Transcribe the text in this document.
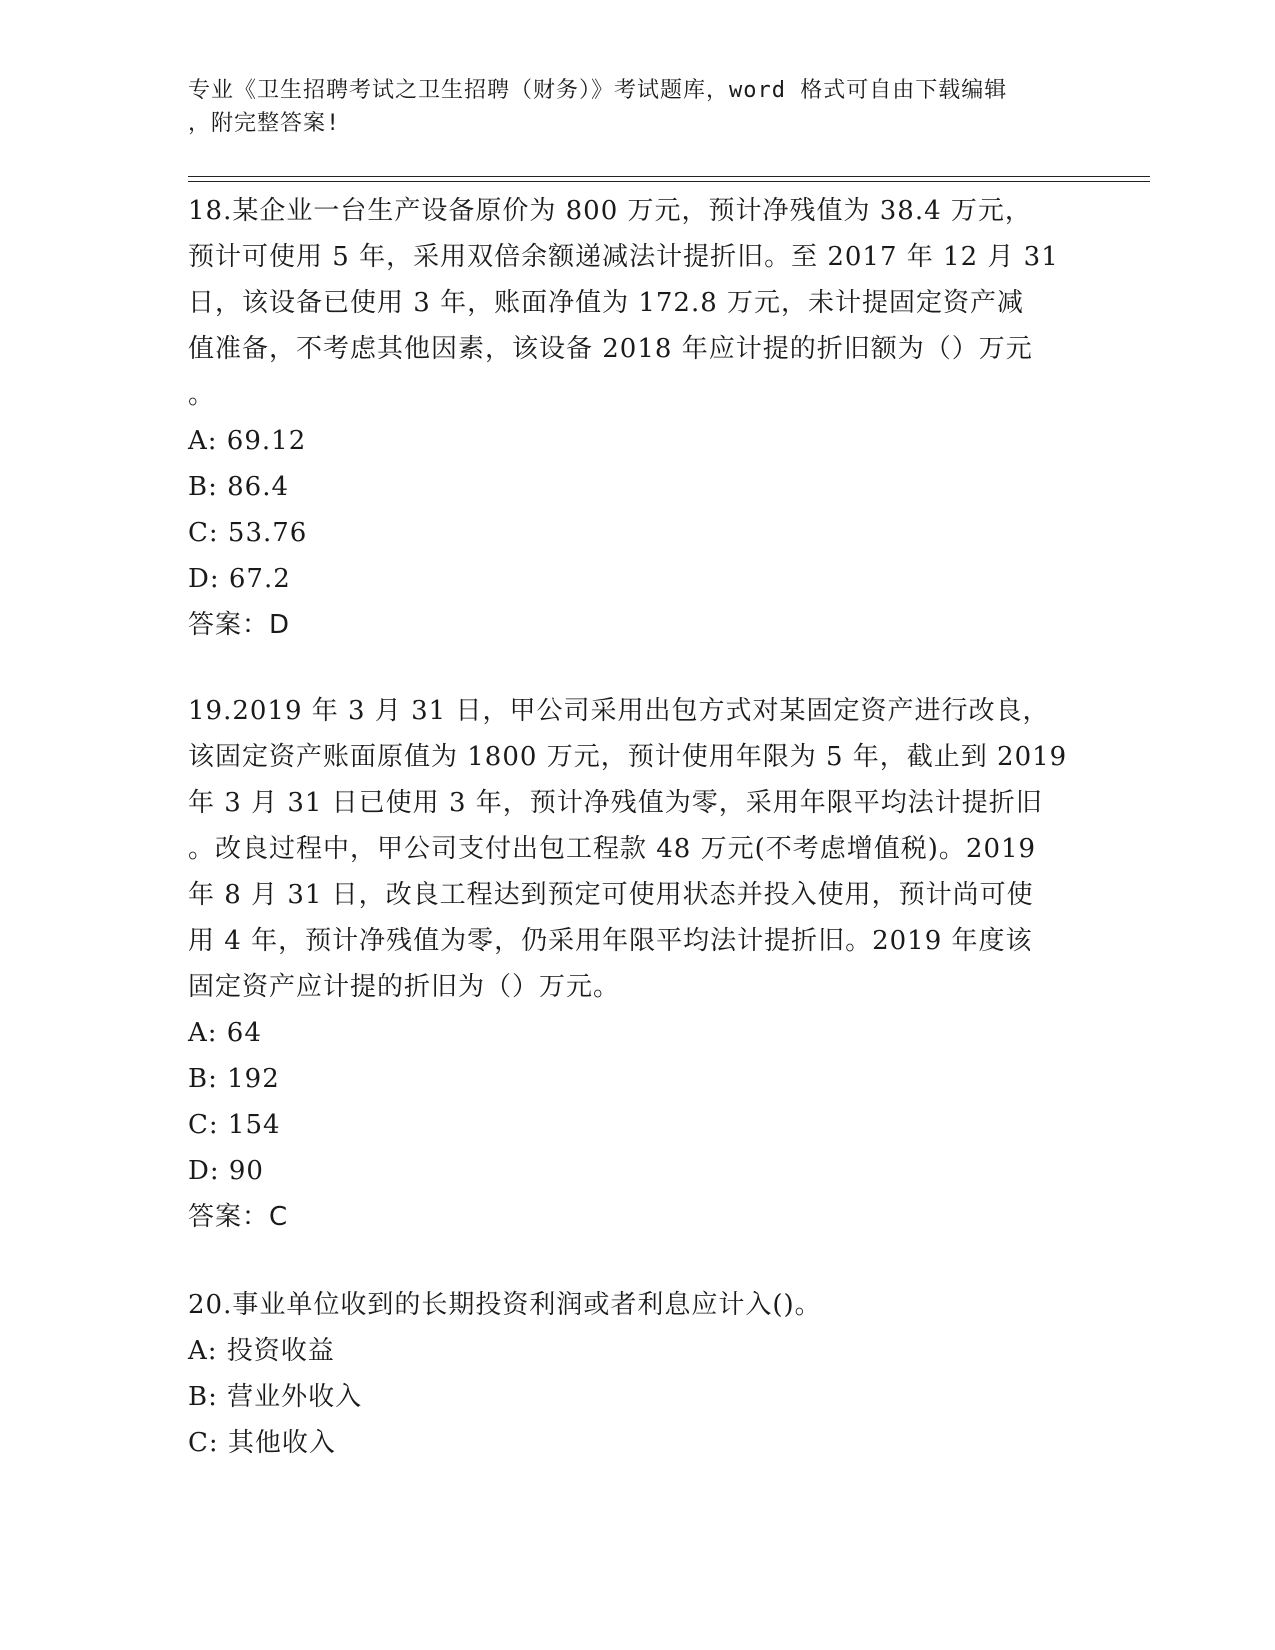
专业《卫生招聘考试之卫生招聘（财务）》考试题库，word 格式可自由下载编辑
，附完整答案!

18.某企业一台生产设备原价为 800 万元，预计净残值为 38.4 万元，

预计可使用 5 年，采用双倍余额递减法计提折旧。至 2017 年 12 月 31

日，该设备已使用 3 年，账面净值为 172.8 万元，未计提固定资产减

值准备，不考虑其他因素，该设备 2018 年应计提的折旧额为（）万元

。

A: 69.12

B: 86.4

C: 53.76

D: 67.2

答案：D

19.2019 年 3 月 31 日，甲公司采用出包方式对某固定资产进行改良，

该固定资产账面原值为 1800 万元，预计使用年限为 5 年，截止到 2019

年 3 月 31 日已使用 3 年，预计净残值为零，采用年限平均法计提折旧

。改良过程中，甲公司支付出包工程款 48 万元(不考虑增值税)。2019

年 8 月 31 日，改良工程达到预定可使用状态并投入使用，预计尚可使

用 4 年，预计净残值为零，仍采用年限平均法计提折旧。2019 年度该

固定资产应计提的折旧为（）万元。

A: 64

B: 192

C: 154

D: 90

答案：C

20.事业单位收到的长期投资利润或者利息应计入()。

A: 投资收益

B: 营业外收入

C: 其他收入
